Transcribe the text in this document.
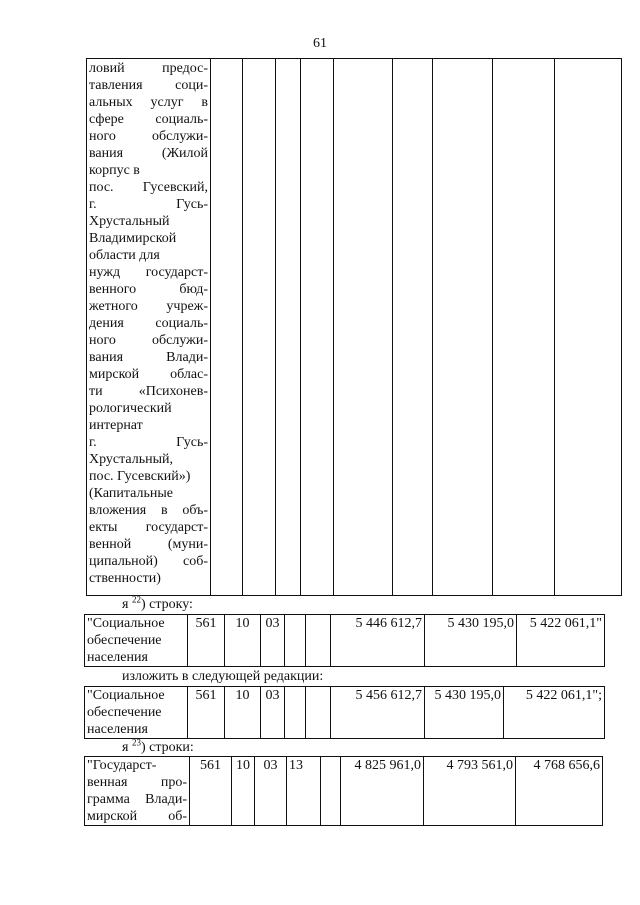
61
ловий предос-
тавления соци-
альных услуг в
сфере социаль-
ного обслужи-
вания (Жилой
корпус в
пос. Гусевский,
г. Гусь-
Хрустальный
Владимирской
области для
нужд государст-
венного бюд-
жетного учреж-
дения социаль-
ного обслужи-
вания Влади-
мирской облас-
ти «Психонев-
рологический
интернат
г. Гусь-
Хрустальный,
пос. Гусевский»)
(Капитальные
вложения в объ-
екты государст-
венной (муни-
ципальной) соб-
ственности)

я $^{22}$) строку:
"Социальное
обеспечение
населения
	561	10	03			5 446 612,7	5 430 195,0	5 422 061,1"
изложить в следующей редакции:
"Социальное
обеспечение
населения
	561	10	03			5 456 612,7	5 430 195,0	5 422 061,1";
я $^{23}$) строки:
"Государст-
венная про-
грамма Влади-
мирской об-
	561	10	03	13		4 825 961,0	4 793 561,0	4 768 656,6
